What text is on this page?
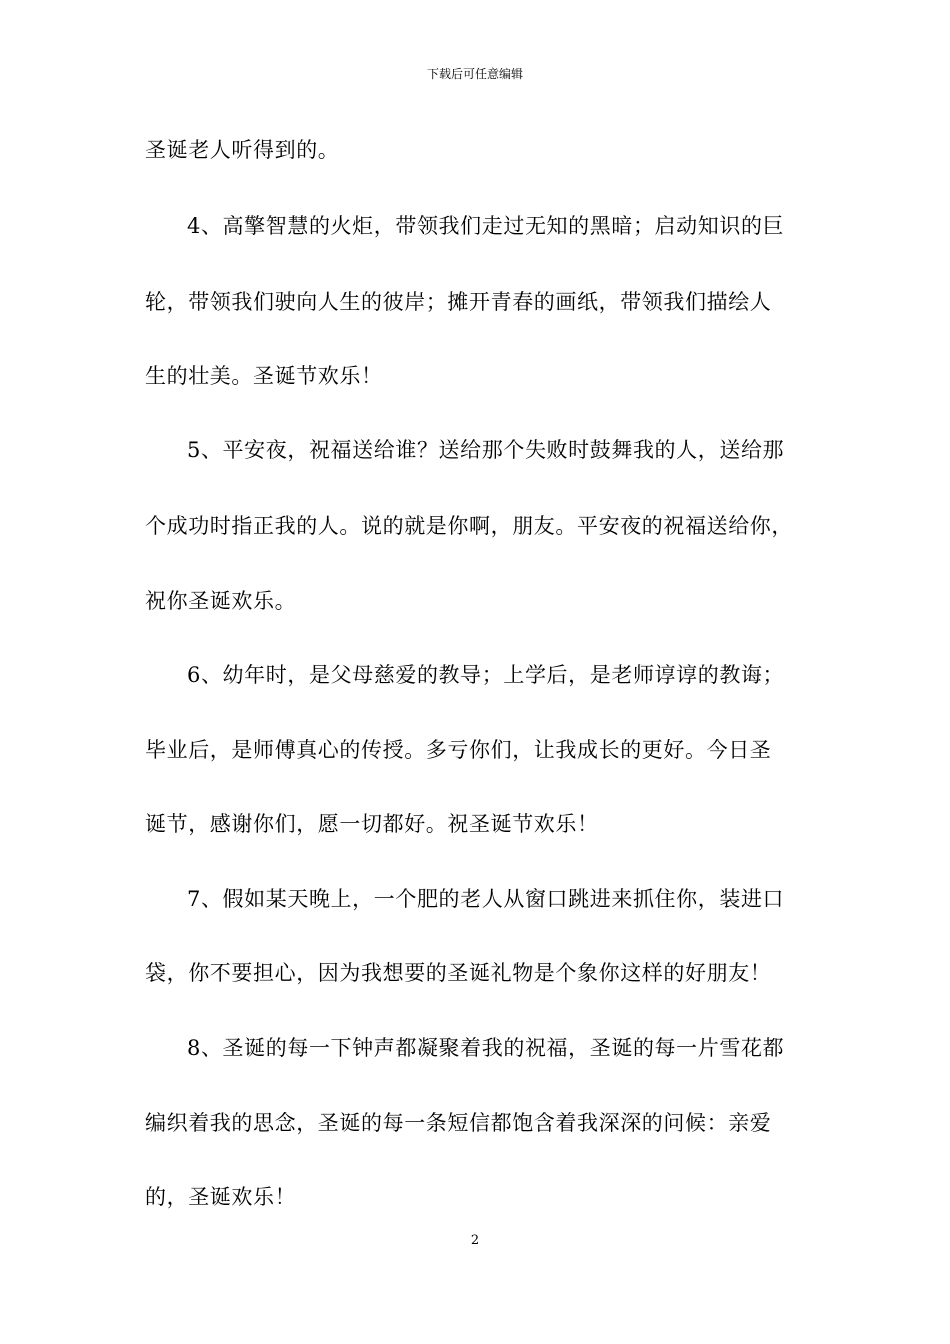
下载后可任意编辑
圣诞老人听得到的。
4、高擎智慧的火炬，带领我们走过无知的黑暗；启动知识的巨
轮，带领我们驶向人生的彼岸；摊开青春的画纸，带领我们描绘人
生的壮美。圣诞节欢乐！
5、平安夜，祝福送给谁？送给那个失败时鼓舞我的人，送给那
个成功时指正我的人。说的就是你啊，朋友。平安夜的祝福送给你，
祝你圣诞欢乐。
6、幼年时，是父母慈爱的教导；上学后，是老师谆谆的教诲；
毕业后，是师傅真心的传授。多亏你们，让我成长的更好。今日圣
诞节，感谢你们，愿一切都好。祝圣诞节欢乐！
7、假如某天晚上，一个肥的老人从窗口跳进来抓住你，装进口
袋，你不要担心，因为我想要的圣诞礼物是个象你这样的好朋友！
8、圣诞的每一下钟声都凝聚着我的祝福，圣诞的每一片雪花都
编织着我的思念，圣诞的每一条短信都饱含着我深深的问候：亲爱
的，圣诞欢乐！
2
